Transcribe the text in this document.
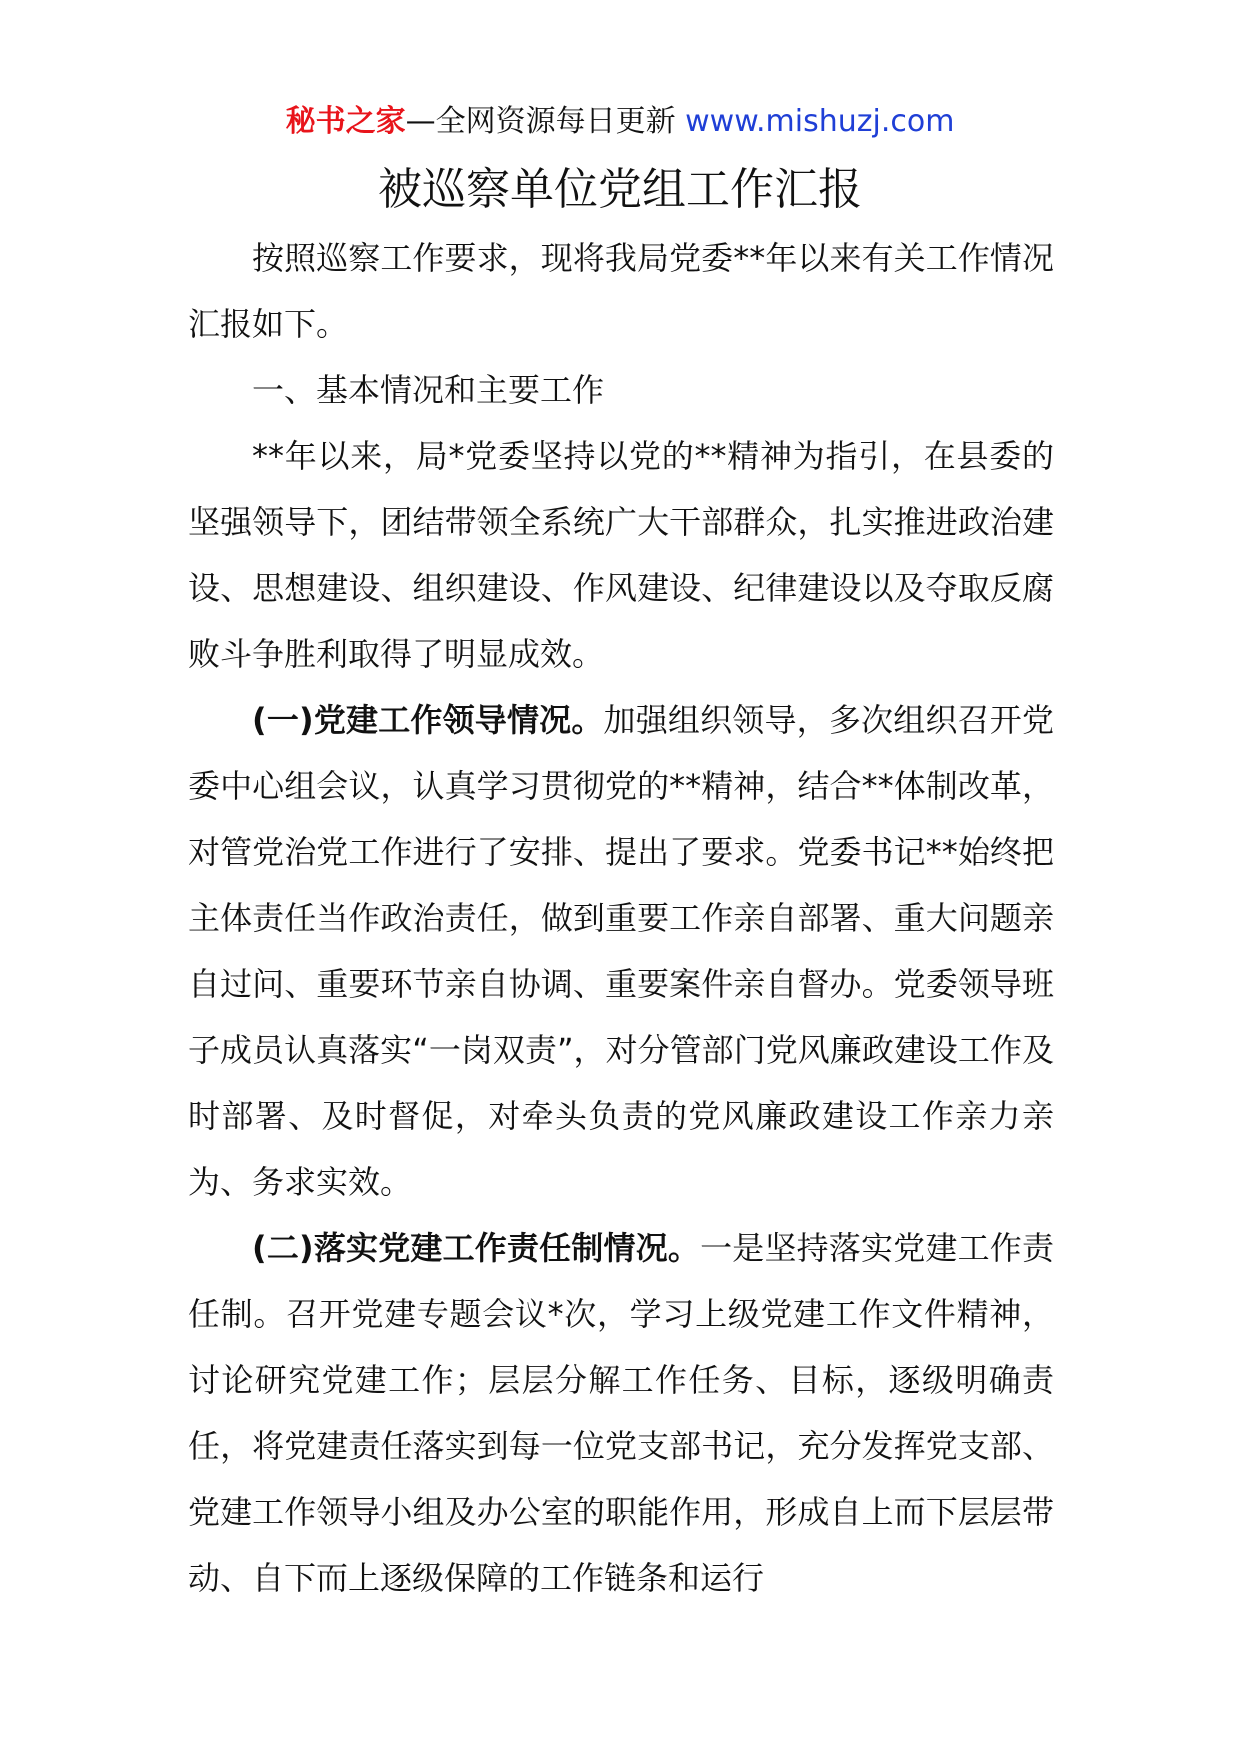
秘书之家—全网资源每日更新 www.mishuzj.com
被巡察单位党组工作汇报

按照巡察工作要求，现将我局党委**年以来有关工作情况汇报如下。

一、基本情况和主要工作

**年以来，局*党委坚持以党的**精神为指引，在县委的坚强领导下，团结带领全系统广大干部群众，扎实推进政治建设、思想建设、组织建设、作风建设、纪律建设以及夺取反腐败斗争胜利取得了明显成效。

(一)党建工作领导情况。加强组织领导，多次组织召开党委中心组会议，认真学习贯彻党的**精神，结合**体制改革，对管党治党工作进行了安排、提出了要求。党委书记**始终把主体责任当作政治责任，做到重要工作亲自部署、重大问题亲自过问、重要环节亲自协调、重要案件亲自督办。党委领导班子成员认真落实“一岗双责”，对分管部门党风廉政建设工作及时部署、及时督促，对牵头负责的党风廉政建设工作亲力亲为、务求实效。

(二)落实党建工作责任制情况。一是坚持落实党建工作责任制。召开党建专题会议*次，学习上级党建工作文件精神，讨论研究党建工作；层层分解工作任务、目标，逐级明确责任，将党建责任落实到每一位党支部书记，充分发挥党支部、党建工作领导小组及办公室的职能作用，形成自上而下层层带动、自下而上逐级保障的工作链条和运行
